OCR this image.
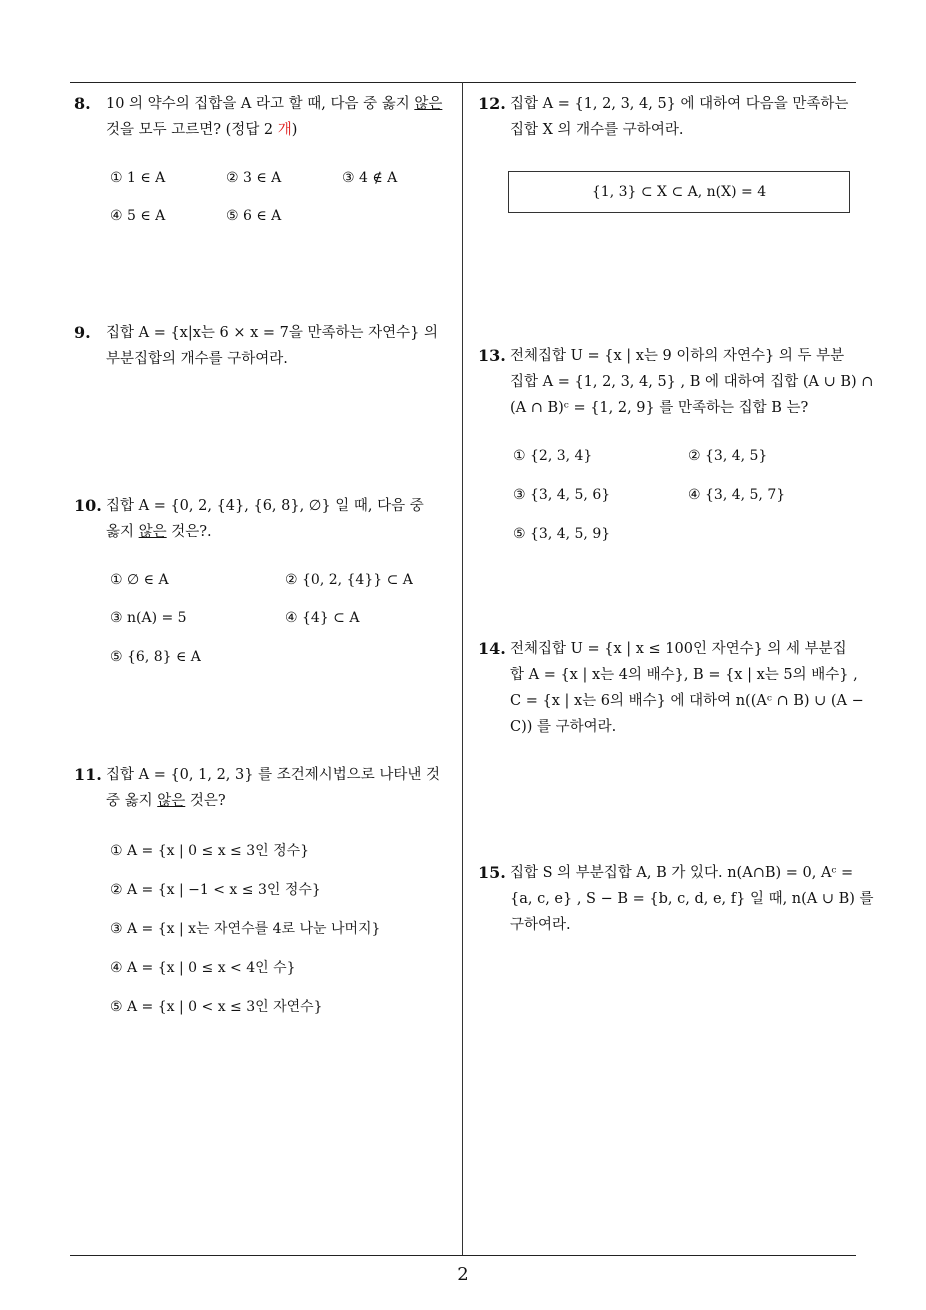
8. 10 의 약수의 집합을 A 라고 할 때, 다음 중 옳지 않은
것을 모두 고르면? (정답 2 개)
① 1 ∈ A	② 3 ∈ A	③ 4 ∉ A
④ 5 ∈ A	⑤ 6 ∈ A
9. 집합 A = {x|x는 6 × x = 7을 만족하는 자연수} 의
부분집합의 개수를 구하여라.
10. 집합 A = {0, 2, {4}, {6, 8}, ∅} 일 때, 다음 중
옳지 않은 것은?.
① ∅ ∈ A	② {0, 2, {4}} ⊂ A
③ n(A) = 5	④ {4} ⊂ A
⑤ {6, 8} ∈ A
11. 집합 A = {0, 1, 2, 3} 를 조건제시법으로 나타낸 것
중 옳지 않은 것은?
① A = {x | 0 ≤ x ≤ 3인 정수}
② A = {x | −1 < x ≤ 3인 정수}
③ A = {x | x는 자연수를 4로 나눈 나머지}
④ A = {x | 0 ≤ x < 4인 수}
⑤ A = {x | 0 < x ≤ 3인 자연수}
12. 집합 A = {1, 2, 3, 4, 5} 에 대하여 다음을 만족하는
집합 X 의 개수를 구하여라.
{1, 3} ⊂ X ⊂ A, n(X) = 4
13. 전체집합 U = {x | x는 9 이하의 자연수} 의 두 부분
집합 A = {1, 2, 3, 4, 5} , B 에 대하여 집합 (A ∪ B) ∩
(A ∩ B)ᶜ = {1, 2, 9} 를 만족하는 집합 B 는?
① {2, 3, 4}	② {3, 4, 5}
③ {3, 4, 5, 6}	④ {3, 4, 5, 7}
⑤ {3, 4, 5, 9}
14. 전체집합 U = {x | x ≤ 100인 자연수} 의 세 부분집
합 A = {x | x는 4의 배수}, B = {x | x는 5의 배수} ,
C = {x | x는 6의 배수} 에 대하여 n((Aᶜ ∩ B) ∪ (A −
C)) 를 구하여라.
15. 집합 S 의 부분집합 A, B 가 있다. n(A∩B) = 0, Aᶜ =
{a, c, e} , S − B = {b, c, d, e, f} 일 때, n(A ∪ B) 를
구하여라.
2
